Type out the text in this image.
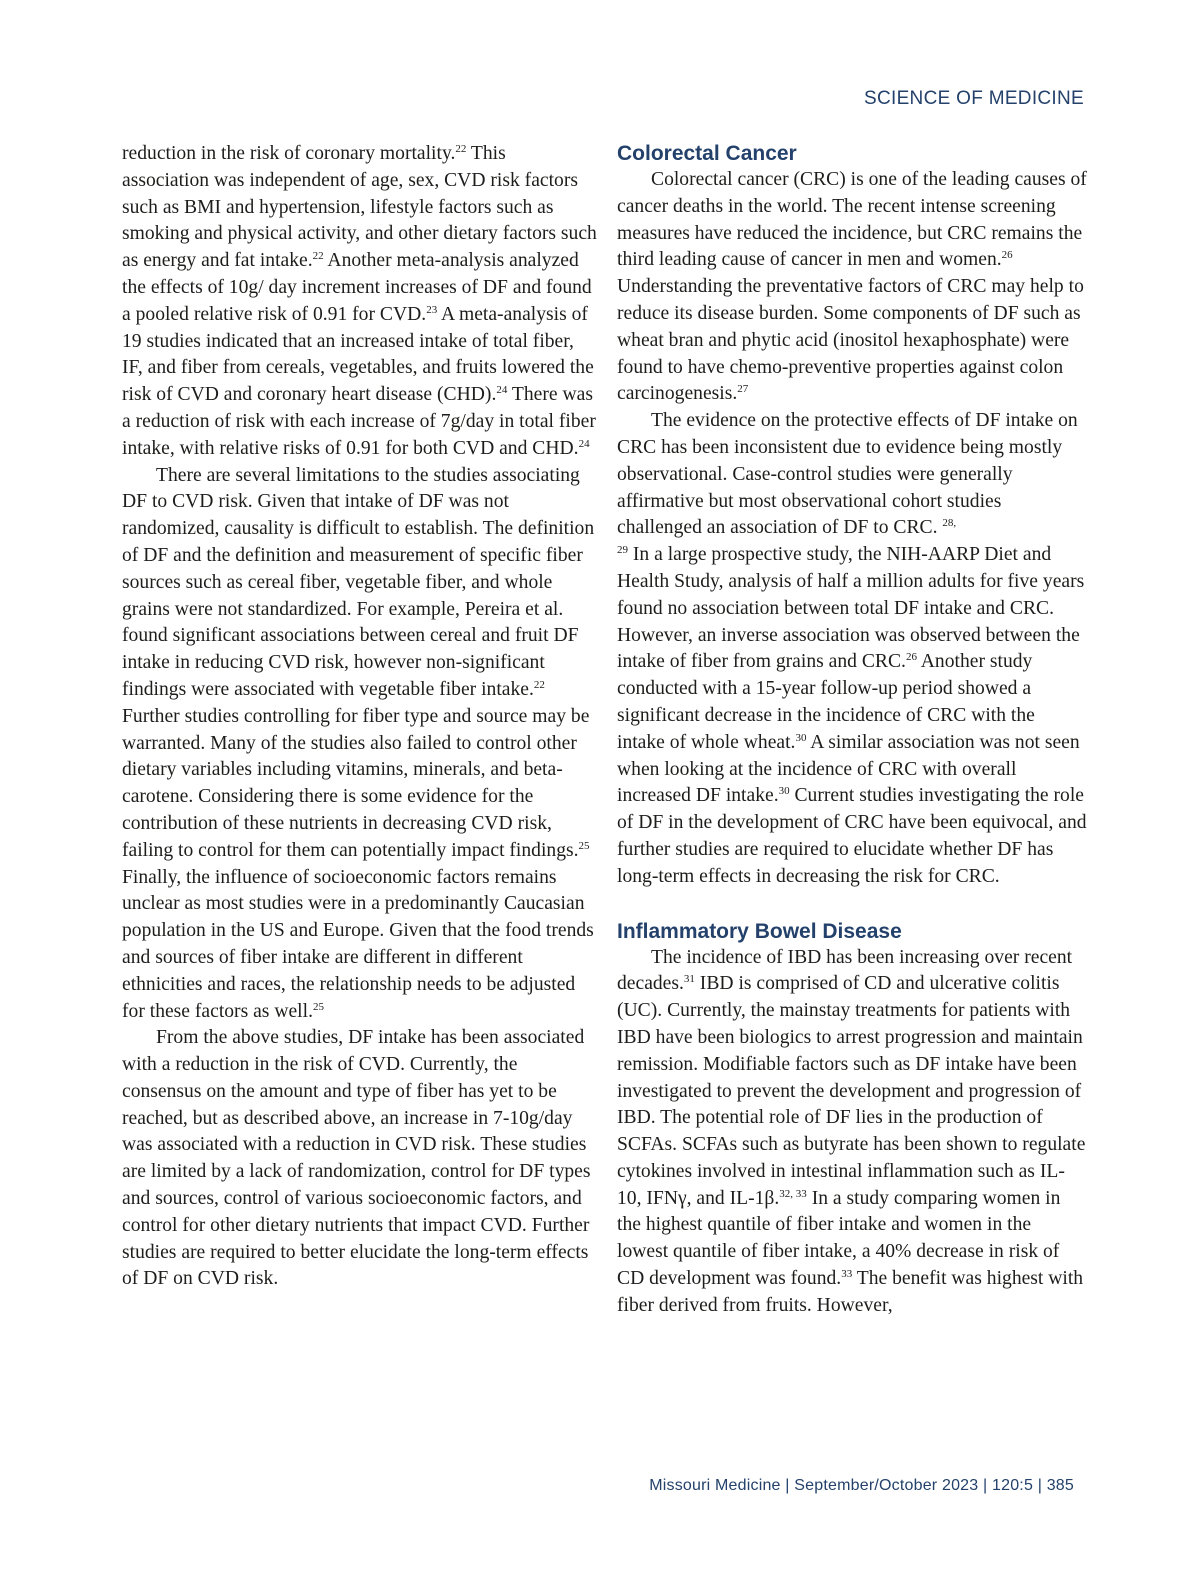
SCIENCE OF MEDICINE

reduction in the risk of coronary mortality.$^{22}$ This association was independent of age, sex, CVD risk factors such as BMI and hypertension, lifestyle factors such as smoking and physical activity, and other dietary factors such as energy and fat intake.$^{22}$ Another meta-analysis analyzed the effects of 10g/ day increment increases of DF and found a pooled relative risk of 0.91 for CVD.$^{23}$ A meta-analysis of 19 studies indicated that an increased intake of total fiber, IF, and fiber from cereals, vegetables, and fruits lowered the risk of CVD and coronary heart disease (CHD).$^{24}$ There was a reduction of risk with each increase of 7g/day in total fiber intake, with relative risks of 0.91 for both CVD and CHD.$^{24}$

There are several limitations to the studies associating DF to CVD risk. Given that intake of DF was not randomized, causality is difficult to establish. The definition of DF and the definition and measurement of specific fiber sources such as cereal fiber, vegetable fiber, and whole grains were not standardized. For example, Pereira et al. found significant associations between cereal and fruit DF intake in reducing CVD risk, however non-significant findings were associated with vegetable fiber intake.$^{22}$ Further studies controlling for fiber type and source may be warranted. Many of the studies also failed to control other dietary variables including vitamins, minerals, and beta-carotene. Considering there is some evidence for the contribution of these nutrients in decreasing CVD risk, failing to control for them can potentially impact findings.$^{25}$ Finally, the influence of socioeconomic factors remains unclear as most studies were in a predominantly Caucasian population in the US and Europe. Given that the food trends and sources of fiber intake are different in different ethnicities and races, the relationship needs to be adjusted for these factors as well.$^{25}$

From the above studies, DF intake has been associated with a reduction in the risk of CVD. Currently, the consensus on the amount and type of fiber has yet to be reached, but as described above, an increase in 7-10g/day was associated with a reduction in CVD risk. These studies are limited by a lack of randomization, control for DF types and sources, control of various socioeconomic factors, and control for other dietary nutrients that impact CVD. Further studies are required to better elucidate the long-term effects of DF on CVD risk.

Colorectal Cancer

Colorectal cancer (CRC) is one of the leading causes of cancer deaths in the world. The recent intense screening measures have reduced the incidence, but CRC remains the third leading cause of cancer in men and women.$^{26}$ Understanding the preventative factors of CRC may help to reduce its disease burden. Some components of DF such as wheat bran and phytic acid (inositol hexaphosphate) were found to have chemo-preventive properties against colon carcinogenesis.$^{27}$

The evidence on the protective effects of DF intake on CRC has been inconsistent due to evidence being mostly observational. Case-control studies were generally affirmative but most observational cohort studies challenged an association of DF to CRC. $^{28,}$
$^{29}$ In a large prospective study, the NIH-AARP Diet and Health Study, analysis of half a million adults for five years found no association between total DF intake and CRC. However, an inverse association was observed between the intake of fiber from grains and CRC.$^{26}$ Another study conducted with a 15-year follow-up period showed a significant decrease in the incidence of CRC with the intake of whole wheat.$^{30}$ A similar association was not seen when looking at the incidence of CRC with overall increased DF intake.$^{30}$ Current studies investigating the role of DF in the development of CRC have been equivocal, and further studies are required to elucidate whether DF has long-term effects in decreasing the risk for CRC.

Inflammatory Bowel Disease

The incidence of IBD has been increasing over recent decades.$^{31}$ IBD is comprised of CD and ulcerative colitis (UC). Currently, the mainstay treatments for patients with IBD have been biologics to arrest progression and maintain remission. Modifiable factors such as DF intake have been investigated to prevent the development and progression of IBD. The potential role of DF lies in the production of SCFAs. SCFAs such as butyrate has been shown to regulate cytokines involved in intestinal inflammation such as IL-10, IFNγ, and IL-1β.$^{32, 33}$ In a study comparing women in the highest quantile of fiber intake and women in the lowest quantile of fiber intake, a 40% decrease in risk of CD development was found.$^{33}$ The benefit was highest with fiber derived from fruits. However,

Missouri Medicine | September/October 2023 | 120:5 | 385
